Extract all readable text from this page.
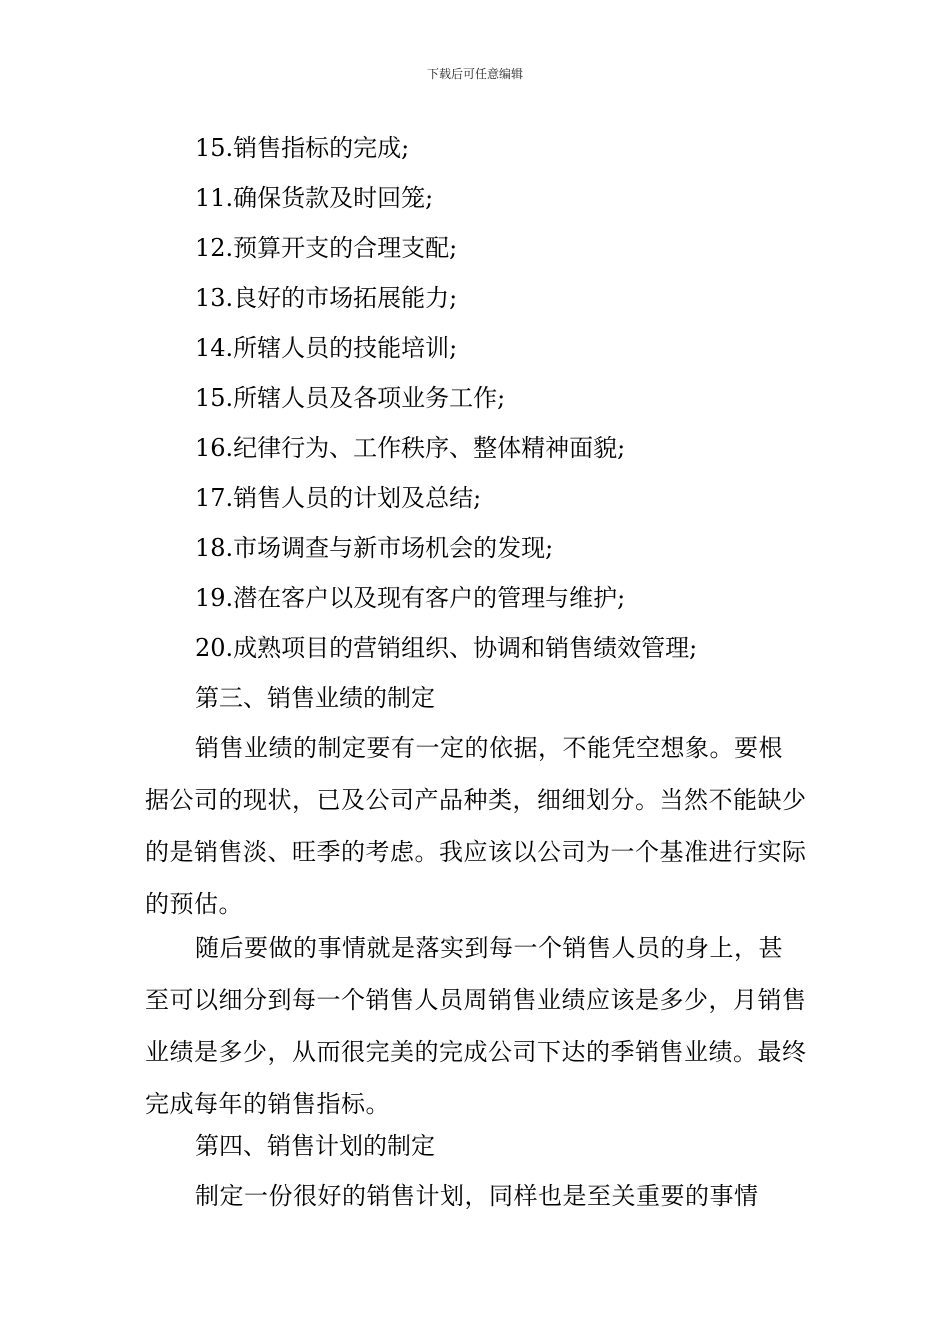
下载后可任意编辑
15.销售指标的完成;
11.确保货款及时回笼;
12.预算开支的合理支配;
13.良好的市场拓展能力;
14.所辖人员的技能培训;
15.所辖人员及各项业务工作;
16.纪律行为、工作秩序、整体精神面貌;
17.销售人员的计划及总结;
18.市场调查与新市场机会的发现;
19.潜在客户以及现有客户的管理与维护;
20.成熟项目的营销组织、协调和销售绩效管理;
第三、销售业绩的制定

销售业绩的制定要有一定的依据，不能凭空想象。要根据公司的现状，已及公司产品种类，细细划分。当然不能缺少的是销售淡、旺季的考虑。我应该以公司为一个基准进行实际的预估。

随后要做的事情就是落实到每一个销售人员的身上，甚至可以细分到每一个销售人员周销售业绩应该是多少，月销售业绩是多少，从而很完美的完成公司下达的季销售业绩。最终完成每年的销售指标。

第四、销售计划的制定

制定一份很好的销售计划，同样也是至关重要的事情
